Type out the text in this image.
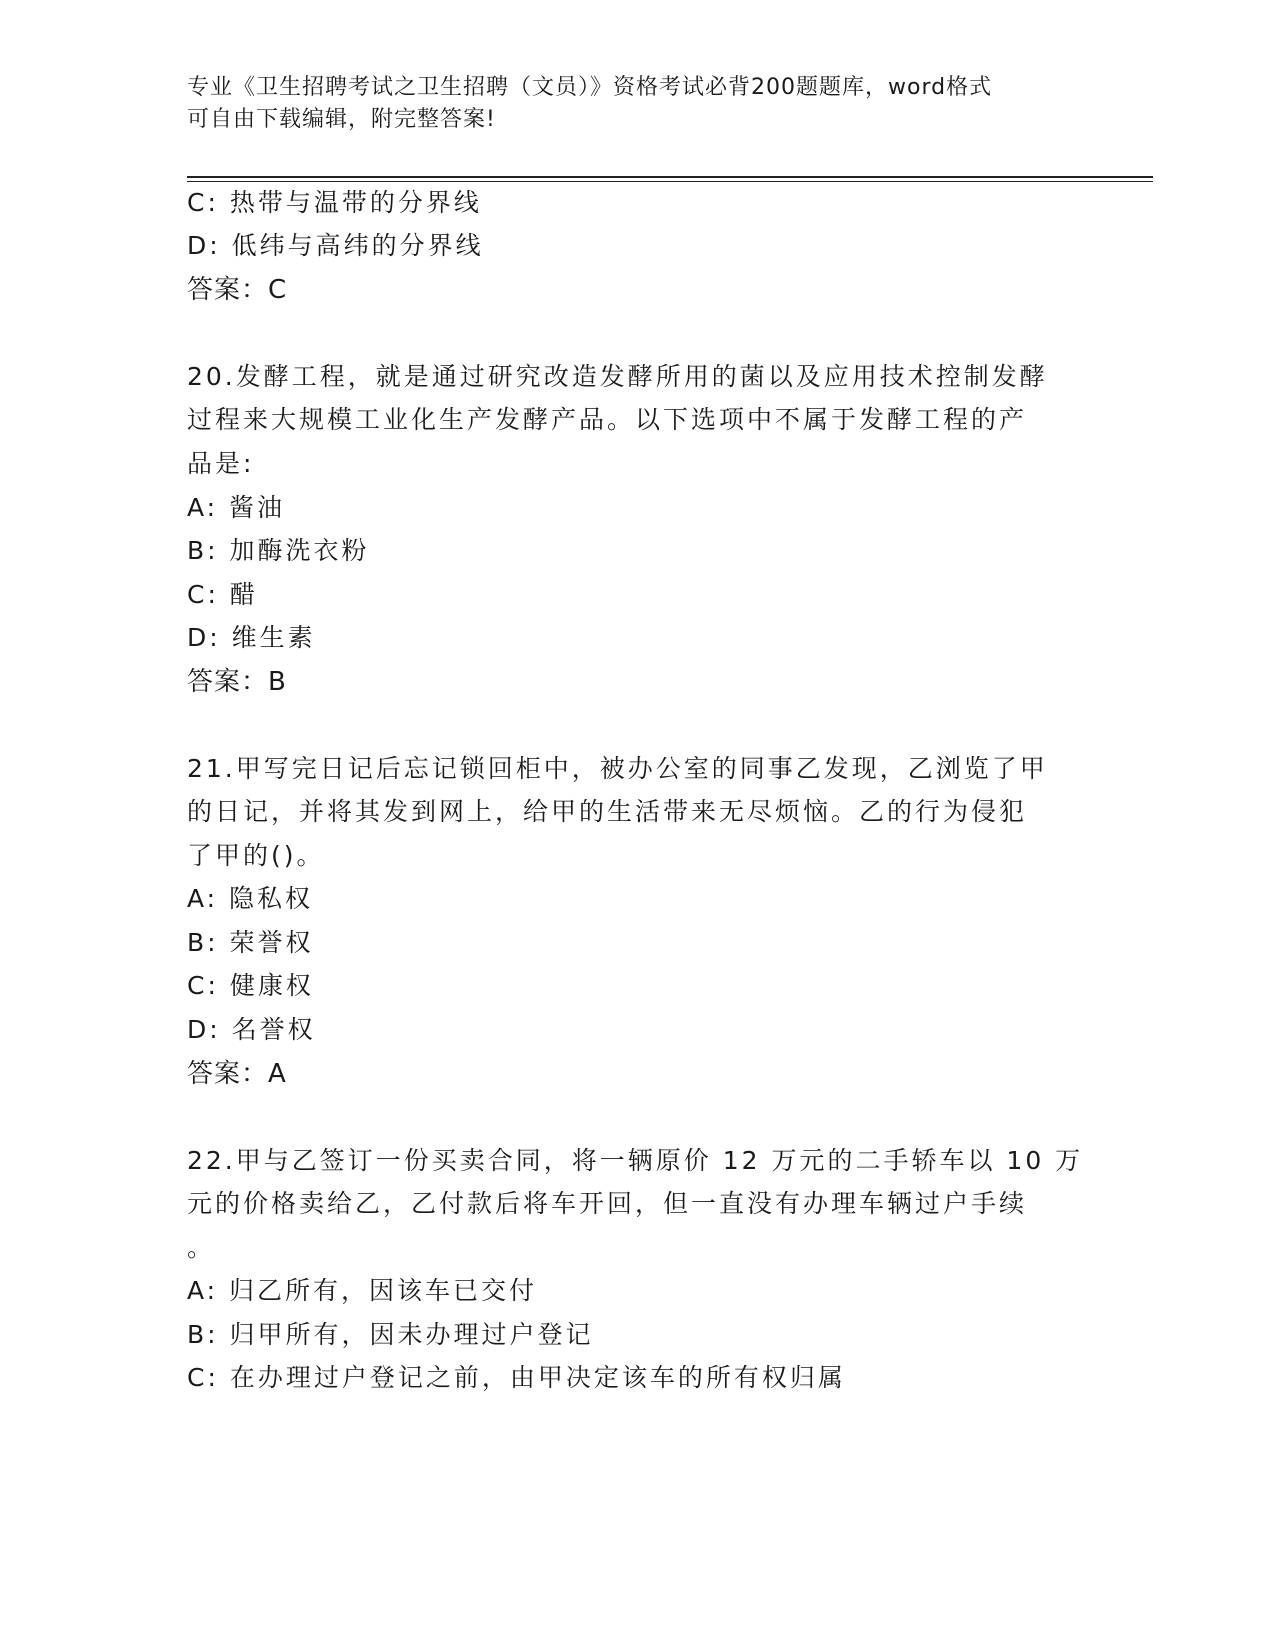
专业《卫生招聘考试之卫生招聘（文员）》资格考试必背200题题库，word格式
可自由下载编辑，附完整答案!
C: 热带与温带的分界线
D: 低纬与高纬的分界线
答案：C
20.发酵工程，就是通过研究改造发酵所用的菌以及应用技术控制发酵
过程来大规模工业化生产发酵产品。以下选项中不属于发酵工程的产
品是:
A: 酱油
B: 加酶洗衣粉
C: 醋
D: 维生素
答案：B
21.甲写完日记后忘记锁回柜中，被办公室的同事乙发现，乙浏览了甲
的日记，并将其发到网上，给甲的生活带来无尽烦恼。乙的行为侵犯
了甲的()。
A: 隐私权
B: 荣誉权
C: 健康权
D: 名誉权
答案：A
22.甲与乙签订一份买卖合同，将一辆原价 12 万元的二手轿车以 10 万
元的价格卖给乙，乙付款后将车开回，但一直没有办理车辆过户手续
。
A: 归乙所有，因该车已交付
B: 归甲所有，因未办理过户登记
C: 在办理过户登记之前，由甲决定该车的所有权归属
